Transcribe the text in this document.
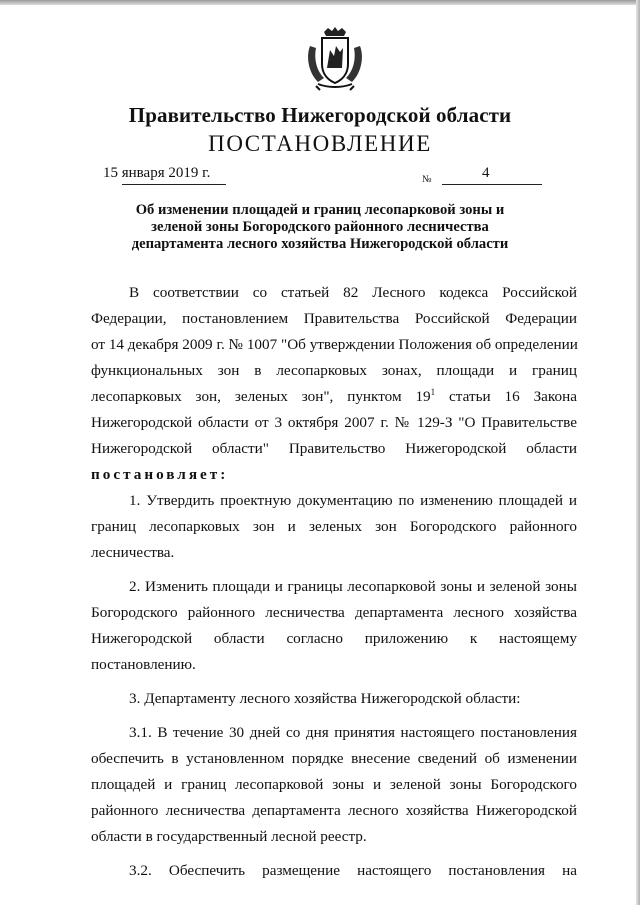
Правительство Нижегородской области
ПОСТАНОВЛЕНИЕ
15 января 2019 г.	№	4
Об изменении площадей и границ лесопарковой зоны и
зеленой зоны Богородского районного лесничества
департамента лесного хозяйства Нижегородской области

В соответствии со статьей 82 Лесного кодекса Российской
Федерации, постановлением Правительства Российской Федерации
от 14 декабря 2009 г. № 1007 "Об утверждении Положения об определении
функциональных зон в лесопарковых зонах, площади и границ
лесопарковых зон, зеленых зон", пунктом $19^1$ статьи 16 Закона
Нижегородской области от 3 октября 2007 г. № 129-З "О Правительстве
Нижегородской области" Правительство Нижегородской области
постановляет:

1. Утвердить проектную документацию по изменению площадей и
границ лесопарковых зон и зеленых зон Богородского районного
лесничества.

2. Изменить площади и границы лесопарковой зоны и зеленой зоны
Богородского районного лесничества департамента лесного хозяйства
Нижегородской области согласно приложению к настоящему
постановлению.

3. Департаменту лесного хозяйства Нижегородской области:

3.1. В течение 30 дней со дня принятия настоящего постановления
обеспечить в установленном порядке внесение сведений об изменении
площадей и границ лесопарковой зоны и зеленой зоны Богородского
районного лесничества департамента лесного хозяйства Нижегородской
области в государственный лесной реестр.

3.2. Обеспечить размещение настоящего постановления на
